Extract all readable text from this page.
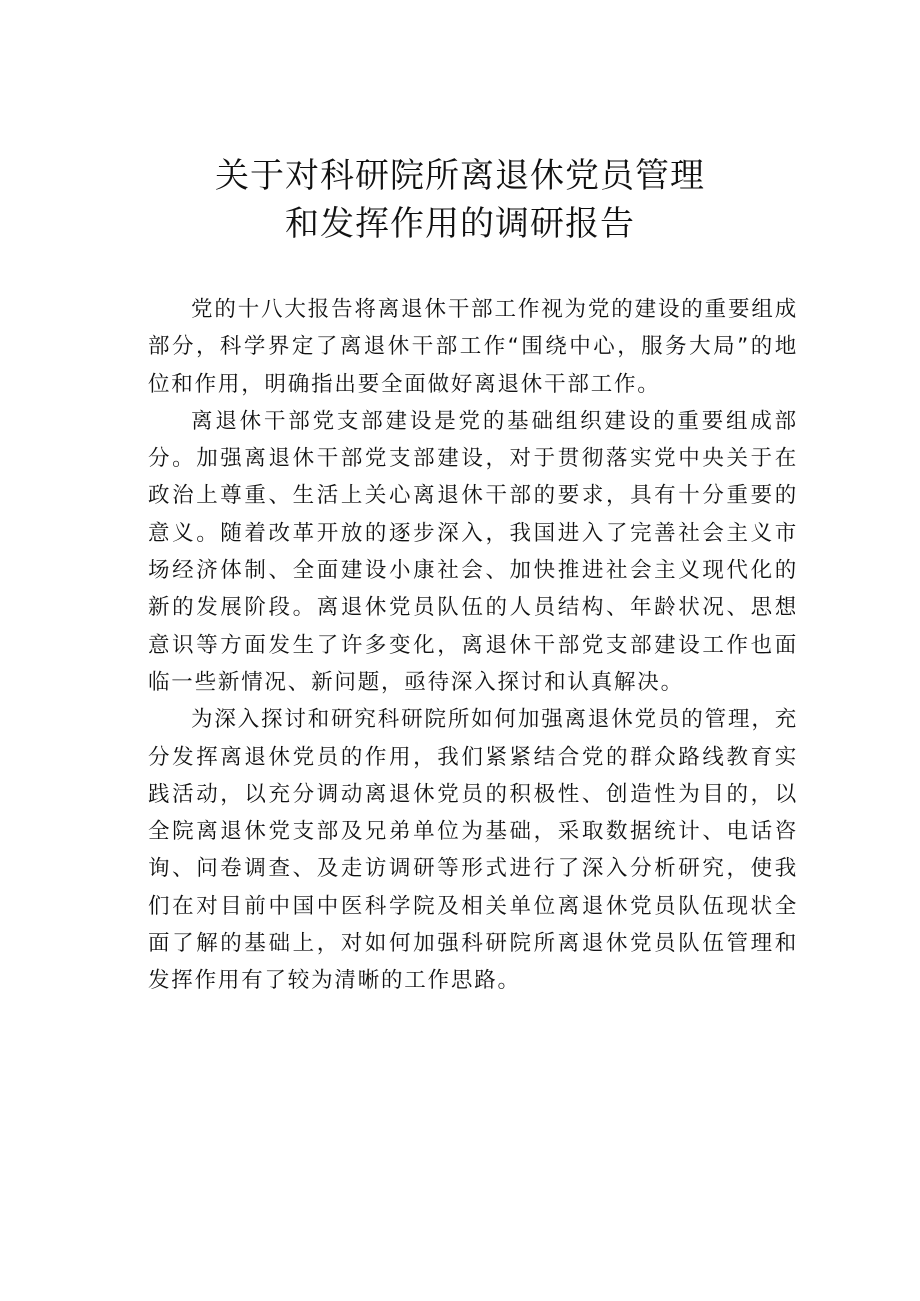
关于对科研院所离退休党员管理
和发挥作用的调研报告

党的十八大报告将离退休干部工作视为党的建设的重要组成部分，科学界定了离退休干部工作“围绕中心，服务大局”的地位和作用，明确指出要全面做好离退休干部工作。

离退休干部党支部建设是党的基础组织建设的重要组成部分。加强离退休干部党支部建设，对于贯彻落实党中央关于在政治上尊重、生活上关心离退休干部的要求，具有十分重要的意义。随着改革开放的逐步深入，我国进入了完善社会主义市场经济体制、全面建设小康社会、加快推进社会主义现代化的新的发展阶段。离退休党员队伍的人员结构、年龄状况、思想意识等方面发生了许多变化，离退休干部党支部建设工作也面临一些新情况、新问题，亟待深入探讨和认真解决。

为深入探讨和研究科研院所如何加强离退休党员的管理，充分发挥离退休党员的作用，我们紧紧结合党的群众路线教育实践活动，以充分调动离退休党员的积极性、创造性为目的，以全院离退休党支部及兄弟单位为基础，采取数据统计、电话咨询、问卷调查、及走访调研等形式进行了深入分析研究，使我们在对目前中国中医科学院及相关单位离退休党员队伍现状全面了解的基础上，对如何加强科研院所离退休党员队伍管理和发挥作用有了较为清晰的工作思路。
